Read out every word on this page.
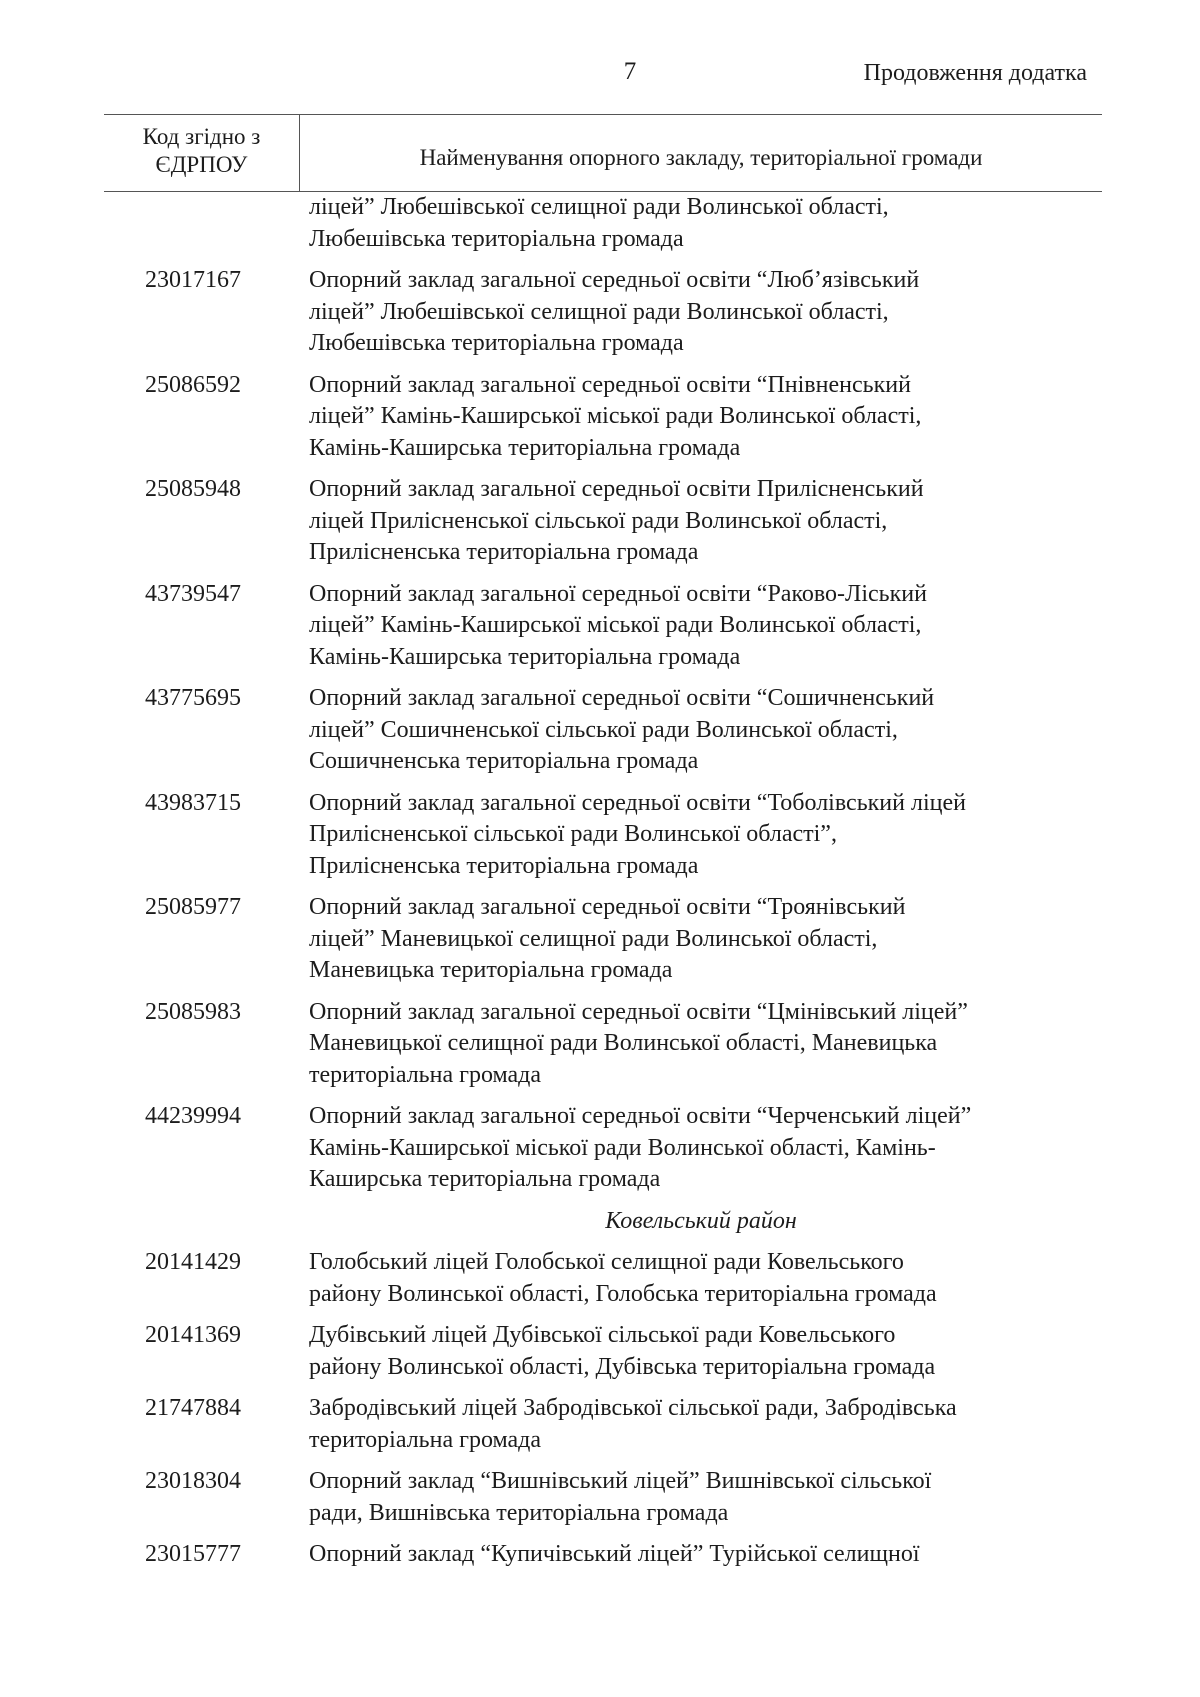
7	Продовження додатка
Код згідно з
ЄДРПОУ	Найменування опорного закладу, територіальної громади
ліцей” Любешівської селищної ради Волинської області,
Любешівська територіальна громада
23017167	Опорний заклад загальної середньої освіти “Люб’язівський
ліцей” Любешівської селищної ради Волинської області,
Любешівська територіальна громада
25086592	Опорний заклад загальної середньої освіти “Пнівненський
ліцей” Камінь-Каширської міської ради Волинської області,
Камінь-Каширська територіальна громада
25085948	Опорний заклад загальної середньої освіти Прилісненський
ліцей Прилісненської сільської ради Волинської області,
Прилісненська територіальна громада
43739547	Опорний заклад загальної середньої освіти “Раково-Ліський
ліцей” Камінь-Каширської міської ради Волинської області,
Камінь-Каширська територіальна громада
43775695	Опорний заклад загальної середньої освіти “Сошичненський
ліцей” Сошичненської сільської ради Волинської області,
Сошичненська територіальна громада
43983715	Опорний заклад загальної середньої освіти “Тоболівський ліцей
Прилісненської сільської ради Волинської області”,
Прилісненська територіальна громада
25085977	Опорний заклад загальної середньої освіти “Троянівський
ліцей” Маневицької селищної ради Волинської області,
Маневицька територіальна громада
25085983	Опорний заклад загальної середньої освіти “Цмінівський ліцей”
Маневицької селищної ради Волинської області, Маневицька
територіальна громада
44239994	Опорний заклад загальної середньої освіти “Черченський ліцей”
Камінь-Каширської міської ради Волинської області, Камінь-
Каширська територіальна громада
Ковельський район
20141429	Голобський ліцей Голобської селищної ради Ковельського
району Волинської області, Голобська територіальна громада
20141369	Дубівський ліцей Дубівської сільської ради Ковельського
району Волинської області, Дубівська територіальна громада
21747884	Забродівський ліцей Забродівської сільської ради, Забродівська
територіальна громада
23018304	Опорний заклад “Вишнівський ліцей” Вишнівської сільської
ради, Вишнівська територіальна громада
23015777	Опорний заклад “Купичівський ліцей” Турійської селищної
